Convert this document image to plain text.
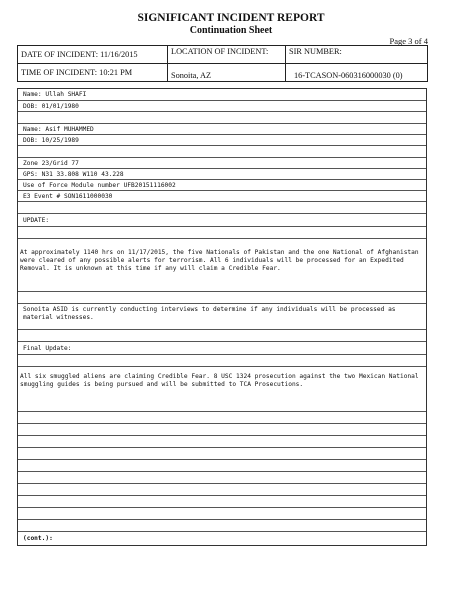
SIGNIFICANT INCIDENT REPORT
Continuation Sheet
Page 3 of 4
DATE OF INCIDENT: 11/16/2015	LOCATION OF INCIDENT:	SIR NUMBER:
TIME OF INCIDENT: 10:21 PM	Sonoita, AZ	16-TCASON-060316000030 (0)
Name: Ullah SHAFI
DOB: 01/01/1980
Name: Asif MUHAMMED
DOB: 10/25/1989
Zone 23/Grid 77
GPS: N31 33.808 W110 43.228
Use of Force Module number UFB20151116002
E3 Event # SON1611000030
UPDATE:
At approximately 1140 hrs on 11/17/2015, the five Nationals of Pakistan and the one National of Afghanistan were cleared of any possible alerts for terrorism. All 6 individuals will be processed for an Expedited Removal. It is unknown at this time if any will claim a Credible Fear.
Sonoita ASID is currently conducting interviews to determine if any individuals will be processed as material witnesses.
Final Update:
All six smuggled aliens are claiming Credible Fear. 8 USC 1324 prosecution against the two Mexican National smuggling guides is being pursued and will be submitted to TCA Prosecutions.
(cont.):
